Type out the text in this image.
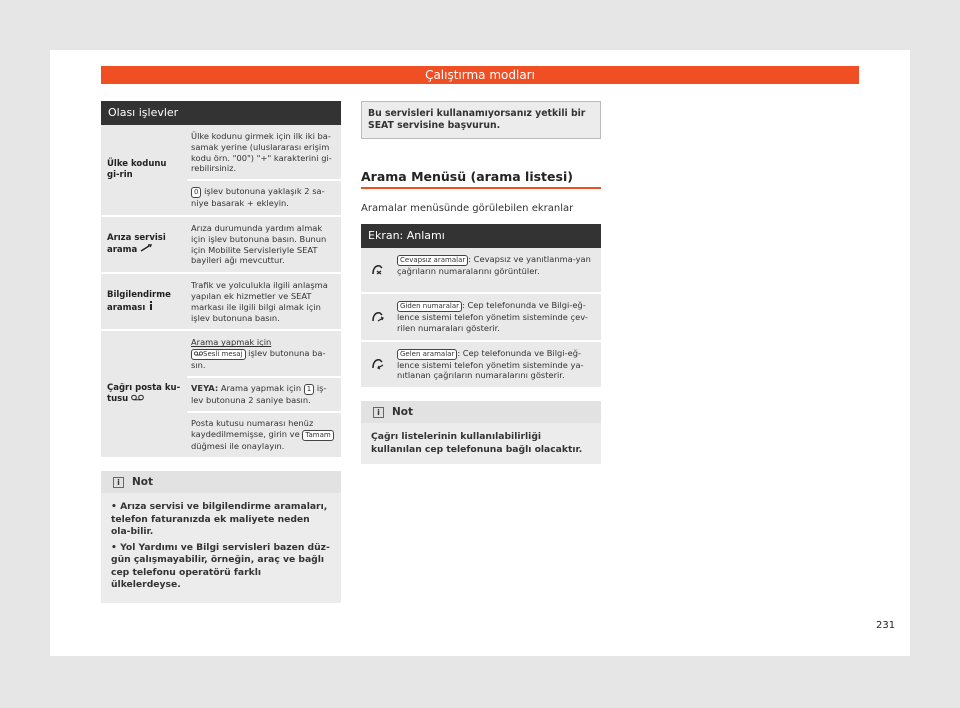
Çalıştırma modları
Olası işlevler
Ülke kodunu gi-rin
Ülke kodunu girmek için ilk iki ba-samak yerine (uluslararası erişim kodu örn. "00") "+" karakterini gi-rebilirsiniz.
0 işlev butonuna yaklaşık 2 sa-niye basarak + ekleyin.
Arıza servisi arama
Arıza durumunda yardım almak için işlev butonuna basın. Bunun için Mobilite Servisleriyle SEAT bayileri ağı mevcuttur.
Bilgilendirme araması
Trafik ve yolculukla ilgili anlaşma yapılan ek hizmetler ve SEAT markası ile ilgili bilgi almak için işlev butonuna basın.
Çağrı posta ku-tusu
Arama yapmak için
Sesli mesaj işlev butonuna ba-sın.
VEYA: Arama yapmak için 1 iş-lev butonuna 2 saniye basın.
Posta kutusu numarası henüz kaydedilmemişse, girin ve Tamam düğmesi ile onaylayın.
i Not

• Arıza servisi ve bilgilendirme aramaları, telefon faturanızda ek maliyete neden ola-bilir.

• Yol Yardımı ve Bilgi servisleri bazen düz-gün çalışmayabilir, örneğin, araç ve bağlı cep telefonu operatörü farklı ülkelerdeyse.

Bu servisleri kullanamıyorsanız yetkili bir SEAT servisine başvurun.
Arama Menüsü (arama listesi)
Aramalar menüsünde görülebilen ekranlar
Ekran: Anlamı
Cevapsız aramalar : Cevapsız ve yanıtlanma-yan çağrıların numaralarını görüntüler.
Giden numaralar : Cep telefonunda ve Bilgi-eğ-lence sistemi telefon yönetim sisteminde çev-rilen numaraları gösterir.
Gelen aramalar : Cep telefonunda ve Bilgi-eğ-lence sistemi telefon yönetim sisteminde ya-nıtlanan çağrıların numaralarını gösterir.
i Not
Çağrı listelerinin kullanılabilirliği kullanılan cep telefonuna bağlı olacaktır.
231
